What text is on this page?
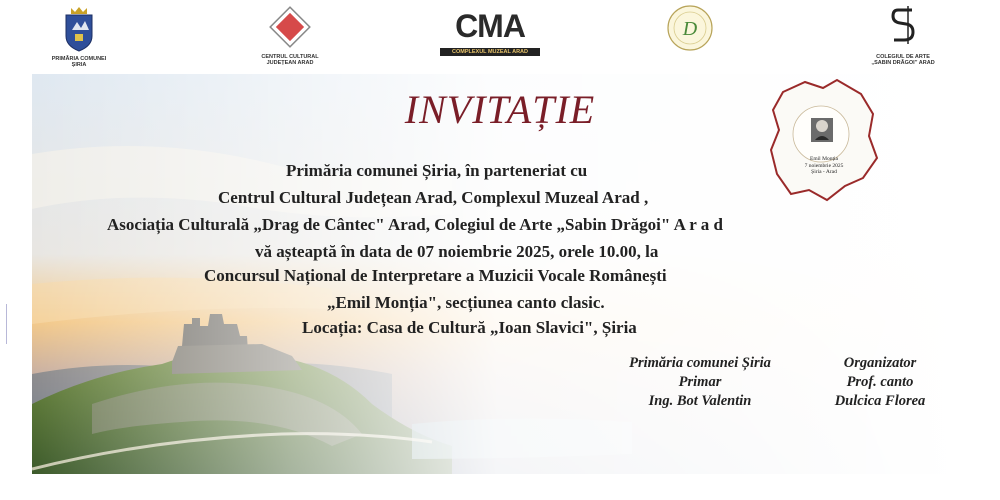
PRIMĂRIA COMUNEI
ȘIRIA
CENTRUL CULTURAL
JUDEȚEAN ARAD
CMA
COMPLEXUL MUZEAL ARAD
D
COLEGIUL DE ARTE
„SABIN DRĂGOI” ARAD
INVITAȚIE
Primăria comunei Șiria, în parteneriat cu
Centrul Cultural Județean Arad, Complexul Muzeal Arad ,
Asociația Culturală „Drag de Cântec" Arad, Colegiul de Arte „Sabin Drăgoi" A r a d
vă așteaptă în data de 07 noiembrie 2025, orele 10.00, la
Concursul Național de Interpretare a Muzicii Vocale Românești
„Emil Monția", secțiunea canto clasic.
Locația: Casa de Cultură „Ioan Slavici", Șiria
Emil Monția
7 noiembrie 2025
Șiria - Arad
Primăria comunei Șiria
Primar
Ing. Bot Valentin
Organizator
Prof. canto
Dulcica Florea
